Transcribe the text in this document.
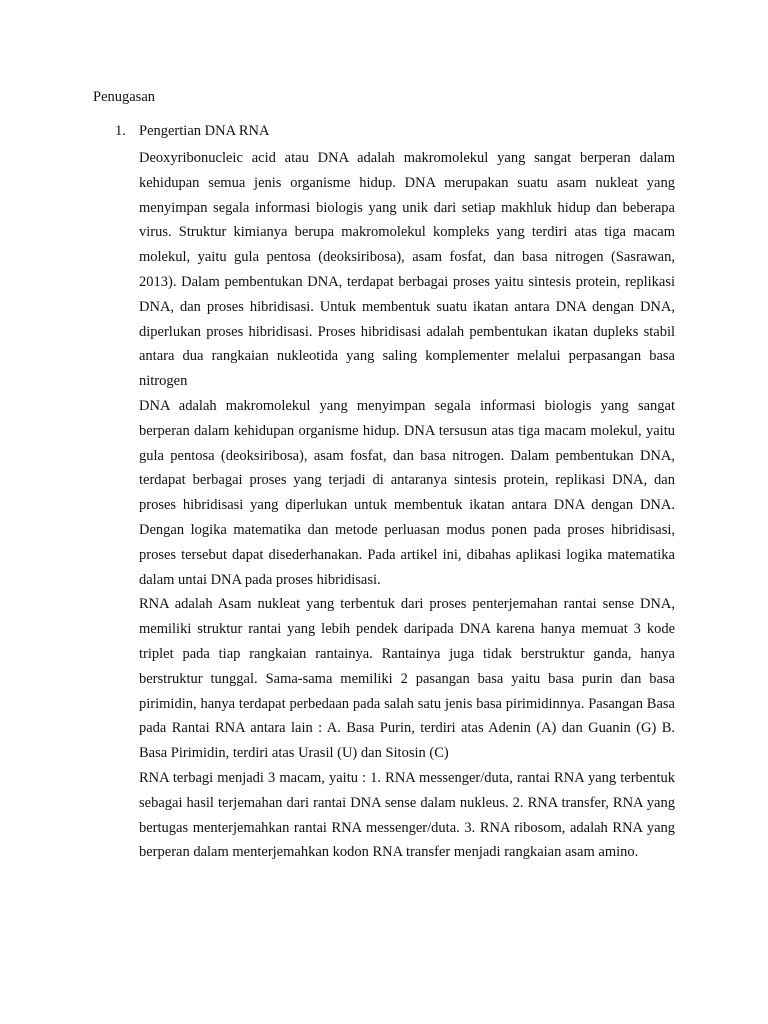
Penugasan
1. Pengertian DNA RNA

Deoxyribonucleic acid atau DNA adalah makromolekul yang sangat berperan dalam kehidupan semua jenis organisme hidup. DNA merupakan suatu asam nukleat yang menyimpan segala informasi biologis yang unik dari setiap makhluk hidup dan beberapa virus. Struktur kimianya berupa makromolekul kompleks yang terdiri atas tiga macam molekul, yaitu gula pentosa (deoksiribosa), asam fosfat, dan basa nitrogen (Sasrawan, 2013). Dalam pembentukan DNA, terdapat berbagai proses yaitu sintesis protein, replikasi DNA, dan proses hibridisasi. Untuk membentuk suatu ikatan antara DNA dengan DNA, diperlukan proses hibridisasi. Proses hibridisasi adalah pembentukan ikatan dupleks stabil antara dua rangkaian nukleotida yang saling komplementer melalui perpasangan basa nitrogen

DNA adalah makromolekul yang menyimpan segala informasi biologis yang sangat berperan dalam kehidupan organisme hidup. DNA tersusun atas tiga macam molekul, yaitu gula pentosa (deoksiribosa), asam fosfat, dan basa nitrogen. Dalam pembentukan DNA, terdapat berbagai proses yang terjadi di antaranya sintesis protein, replikasi DNA, dan proses hibridisasi yang diperlukan untuk membentuk ikatan antara DNA dengan DNA. Dengan logika matematika dan metode perluasan modus ponen pada proses hibridisasi, proses tersebut dapat disederhanakan. Pada artikel ini, dibahas aplikasi logika matematika dalam untai DNA pada proses hibridisasi.

RNA adalah Asam nukleat yang terbentuk dari proses penterjemahan rantai sense DNA, memiliki struktur rantai yang lebih pendek daripada DNA karena hanya memuat 3 kode triplet pada tiap rangkaian rantainya. Rantainya juga tidak berstruktur ganda, hanya berstruktur tunggal. Sama-sama memiliki 2 pasangan basa yaitu basa purin dan basa pirimidin, hanya terdapat perbedaan pada salah satu jenis basa pirimidinnya. Pasangan Basa pada Rantai RNA antara lain : A. Basa Purin, terdiri atas Adenin (A) dan Guanin (G) B. Basa Pirimidin, terdiri atas Urasil (U) dan Sitosin (C)

RNA terbagi menjadi 3 macam, yaitu : 1. RNA messenger/duta, rantai RNA yang terbentuk sebagai hasil terjemahan dari rantai DNA sense dalam nukleus. 2. RNA transfer, RNA yang bertugas menterjemahkan rantai RNA messenger/duta. 3. RNA ribosom, adalah RNA yang berperan dalam menterjemahkan kodon RNA transfer menjadi rangkaian asam amino.
